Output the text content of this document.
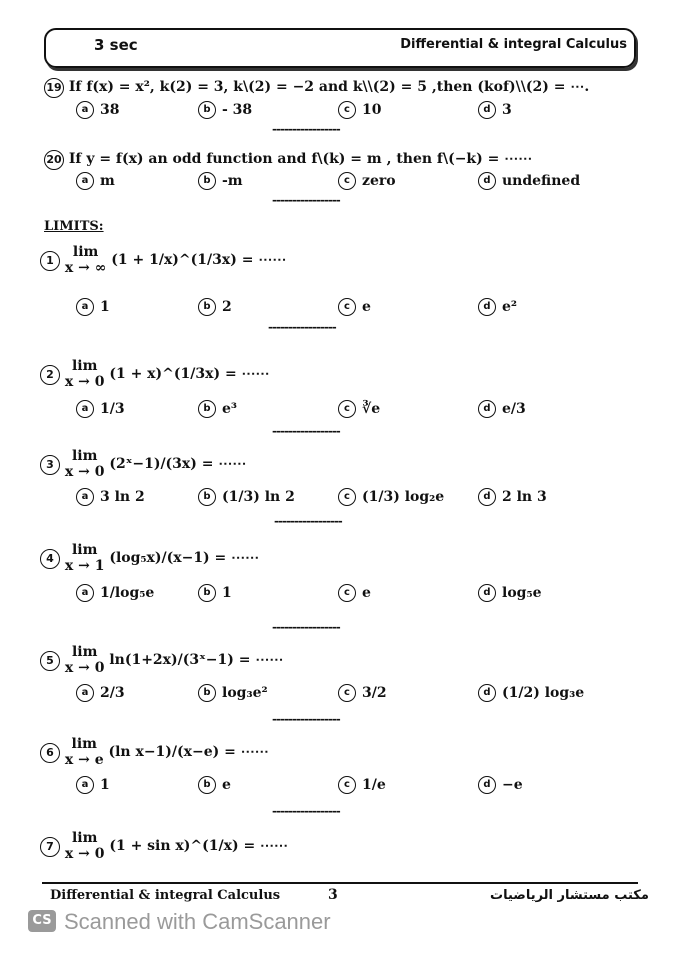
3 sec	Differential & integral Calculus
19 If f(x) = x², k(2) = 3, k\(2) = −2 and k\\(2) = 5 ,then (kof)\\(2) = ⋯.
a 38	b - 38	c 10	d 3
-----------------
20 If y = f(x) an odd function and f\(k) = m , then f\(−k) = ⋯⋯
a m	b -m	c zero	d undefined
-----------------
LIMITS:
1 lim
x → ∞ (1 + 1/x)^(1/3x) = ⋯⋯
a 1	b 2	c e	d e²
-----------------
2 lim
x → 0 (1 + x)^(1/3x) = ⋯⋯
a 1/3	b e³	c ∛e	d e/3
-----------------
3 lim
x → 0 (2ˣ−1)/(3x) = ⋯⋯
a 3 ln 2	b (1/3) ln 2	c (1/3) log₂e	d 2 ln 3
-----------------
4 lim
x → 1 (log₅x)/(x−1) = ⋯⋯
a 1/log₅e	b 1	c e	d log₅e
-----------------
5 lim
x → 0 ln(1+2x)/(3ˣ−1) = ⋯⋯
a 2/3	b log₃e²	c 3/2	d (1/2) log₃e
-----------------
6 lim
x → e (ln x−1)/(x−e) = ⋯⋯
a 1	b e	c 1/e	d −e
-----------------
7 lim
x → 0 (1 + sin x)^(1/x) = ⋯⋯
Differential & integral Calculus	3	مكتب مستشار الرياضيات
CS Scanned with CamScanner
